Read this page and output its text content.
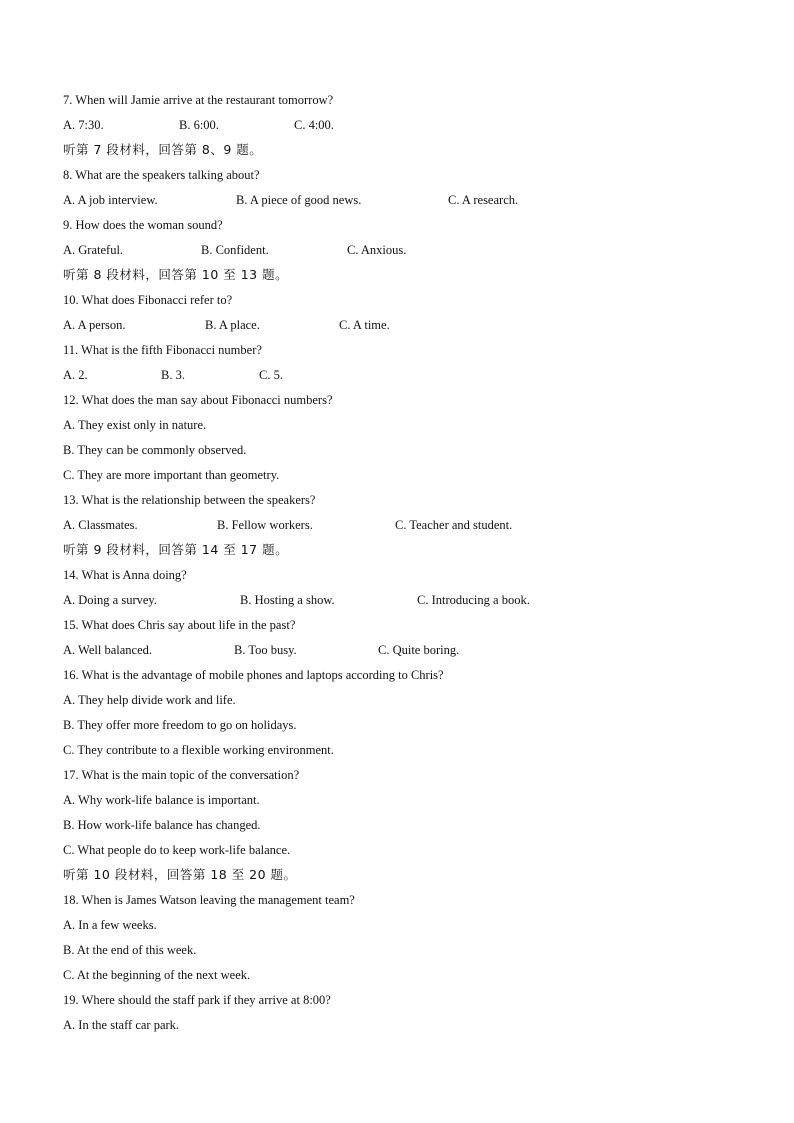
7. When will Jamie arrive at the restaurant tomorrow?
A. 7:30.	B. 6:00.	C. 4:00.
听第 7 段材料，回答第 8、9 题。
8. What are the speakers talking about?
A. A job interview.	B. A piece of good news.	C. A research.
9. How does the woman sound?
A. Grateful.	B. Confident.	C. Anxious.
听第 8 段材料，回答第 10 至 13 题。
10. What does Fibonacci refer to?
A. A person.	B. A place.	C. A time.
11. What is the fifth Fibonacci number?
A. 2.	B. 3.	C. 5.
12. What does the man say about Fibonacci numbers?
A. They exist only in nature.
B. They can be commonly observed.
C. They are more important than geometry.
13. What is the relationship between the speakers?
A. Classmates.	B. Fellow workers.	C. Teacher and student.
听第 9 段材料，回答第 14 至 17 题。
14. What is Anna doing?
A. Doing a survey.	B. Hosting a show.	C. Introducing a book.
15. What does Chris say about life in the past?
A. Well balanced.	B. Too busy.	C. Quite boring.
16. What is the advantage of mobile phones and laptops according to Chris?
A. They help divide work and life.
B. They offer more freedom to go on holidays.
C. They contribute to a flexible working environment.
17. What is the main topic of the conversation?
A. Why work-life balance is important.
B. How work-life balance has changed.
C. What people do to keep work-life balance.
听第 10 段材料，回答第 18 至 20 题。
18. When is James Watson leaving the management team?
A. In a few weeks.
B. At the end of this week.
C. At the beginning of the next week.
19. Where should the staff park if they arrive at 8:00?
A. In the staff car park.
